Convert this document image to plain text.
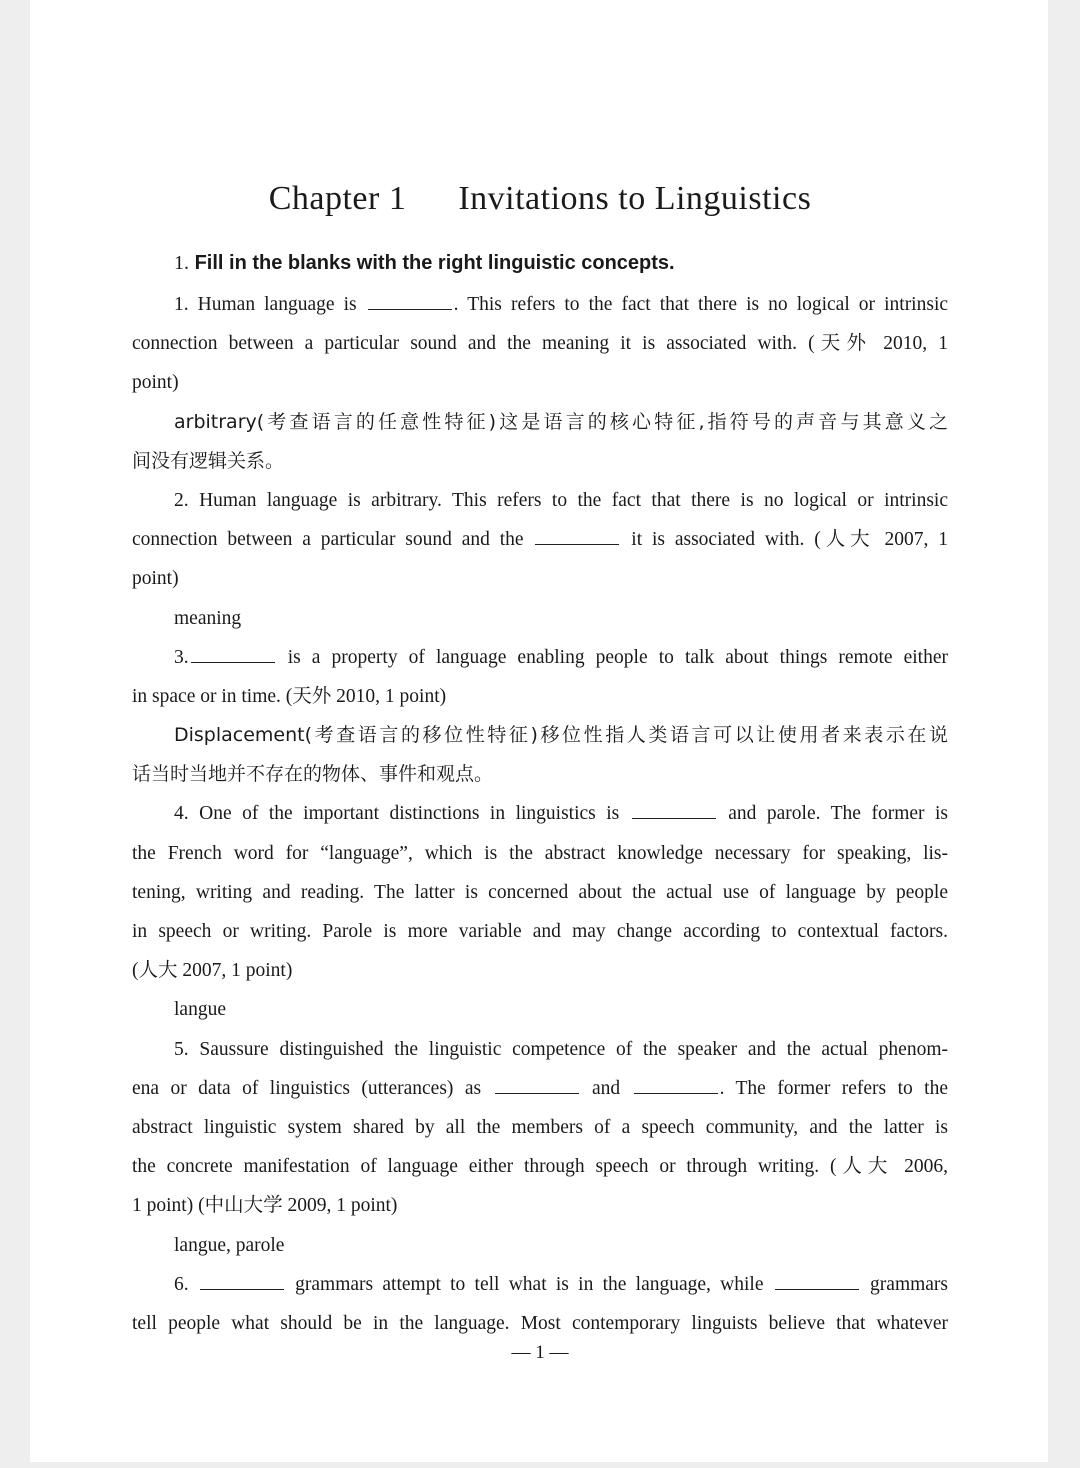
Chapter 1 Invitations to Linguistics
1. Fill in the blanks with the right linguistic concepts.
1. Human language is	. This refers to the fact that there is no logical or intrinsic
connection between a particular sound and the meaning it is associated with. (天外 2010, 1
point)
arbitrary(考查语言的任意性特征)这是语言的核心特征,指符号的声音与其意义之
间没有逻辑关系。
2. Human language is arbitrary. This refers to the fact that there is no logical or intrinsic
connection between a particular sound and the	it is associated with. (人大 2007, 1
point)
meaning
3.	is a property of language enabling people to talk about things remote either
in space or in time. (天外 2010, 1 point)
Displacement(考查语言的移位性特征)移位性指人类语言可以让使用者来表示在说
话当时当地并不存在的物体、事件和观点。
4. One of the important distinctions in linguistics is	and parole. The former is
the French word for “language”, which is the abstract knowledge necessary for speaking, lis-
tening, writing and reading. The latter is concerned about the actual use of language by people
in speech or writing. Parole is more variable and may change according to contextual factors.
(人大 2007, 1 point)
langue
5. Saussure distinguished the linguistic competence of the speaker and the actual phenom-
ena or data of linguistics (utterances) as	and	. The former refers to the
abstract linguistic system shared by all the members of a speech community, and the latter is
the concrete manifestation of language either through speech or through writing. (人大 2006,
1 point) (中山大学 2009, 1 point)
langue, parole
6.	grammars attempt to tell what is in the language, while	grammars
tell people what should be in the language. Most contemporary linguists believe that whatever
— 1 —
